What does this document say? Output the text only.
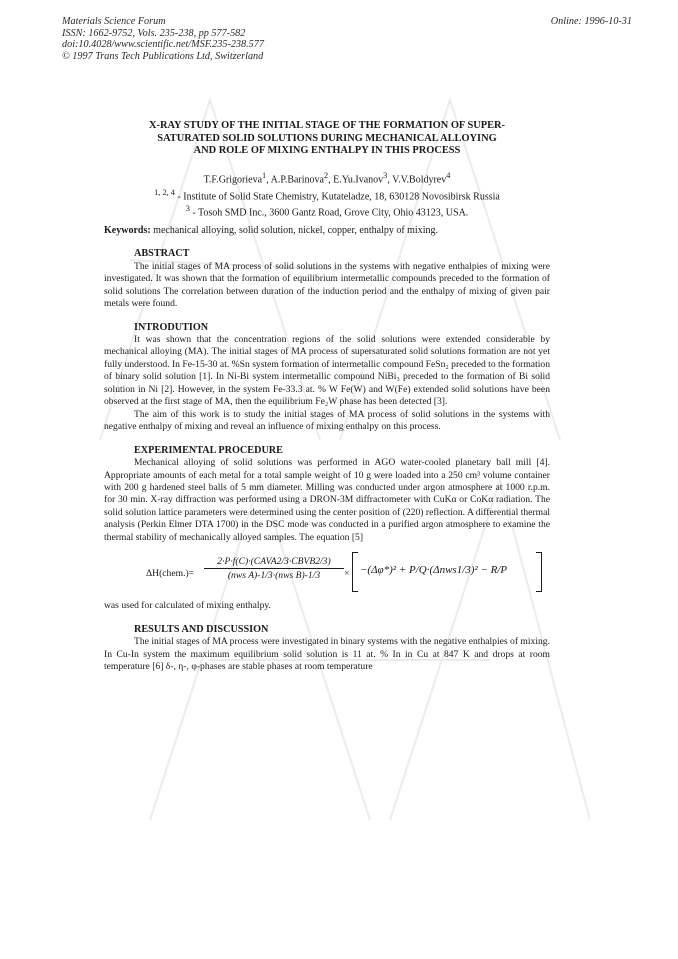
Materials Science Forum
ISSN: 1662-9752, Vols. 235-238, pp 577-582
doi:10.4028/www.scientific.net/MSF.235-238.577
© 1997 Trans Tech Publications Ltd, Switzerland
Online: 1996-10-31
X-RAY STUDY OF THE INITIAL STAGE OF THE FORMATION OF SUPER-
SATURATED SOLID SOLUTIONS DURING MECHANICAL ALLOYING
AND ROLE OF MIXING ENTHALPY IN THIS PROCESS
T.F.Grigorieva$^1$, A.P.Barinova$^2$, E.Yu.Ivanov$^3$, V.V.Boldyrev$^4$
$^{1, 2, 4}$ - Institute of Solid State Chemistry, Kutateladze, 18, 630128 Novosibirsk Russia
$^3$ - Tosoh SMD Inc., 3600 Gantz Road, Grove City, Ohio 43123, USA.
Keywords: mechanical alloying, solid solution, nickel, copper, enthalpy of mixing.
ABSTRACT

The initial stages of MA process of solid solutions in the systems with negative enthalpies of mixing were investigated. It was shown that the formation of equilibrium intermetallic compounds preceded to the formation of solid solutions The correlation between duration of the induction period and the enthalpy of mixing of given pair metals were found.

INTRODUTION

It was shown that the concentration regions of the solid solutions were extended considerable by mechanical alloying (MA). The initial stages of MA process of supersaturated solid solutions formation are not yet fully understood. In Fe-15-30 at. %Sn system formation of intermetallic compound FeSn₂ preceded to the formation of binary solid solution [1]. In Ni-Bi system intermetallic compound NiBi₃ preceded to the formation of Bi solid solution in Ni [2]. However, in the system Fe-33.3 at. % W Fe(W) and W(Fe) extended solid solutions have been observed at the first stage of MA, then the equilibrium Fe₂W phase has been detected [3].

The aim of this work is to study the initial stages of MA process of solid solutions in the systems with negative enthalpy of mixing and reveal an influence of mixing enthalpy on this process.

EXPERIMENTAL PROCEDURE

Mechanical alloying of solid solutions was performed in AGO water-cooled planetary ball mill [4]. Appropriate amounts of each metal for a total sample weight of 10 g were loaded into a 250 cm³ volume container with 200 g hardened steel balls of 5 mm diameter. Milling was conducted under argon atmosphere at 1000 r.p.m. for 30 min. X-ray diffraction was performed using a DRON-3M diffractometer with CuKα or CoKα radiation. The solid solution lattice parameters were determined using the center position of (220) reflection. A differential thermal analysis (Perkin Elmer DTA 1700) in the DSC mode was conducted in a purified argon atmosphere to examine the thermal stability of mechanically alloyed samples. The equation [5]

ΔH(chem.)=
2·P·f(C)·(CAVA2/3·CBVB2/3)
(nws A)-1/3·(nws B)-1/3	× −(Δφ*)² + P/Q·(Δnws1/3)² − R/P

was used for calculated of mixing enthalpy.

RESULTS AND DISCUSSION

The initial stages of MA process were investigated in binary systems with the negative enthalpies of mixing. In Cu-In system the maximum equilibrium solid solution is 11 at. % In in Cu at 847 K and drops at room temperature [6] δ-, η-, φ-phases are stable phases at room temperature
